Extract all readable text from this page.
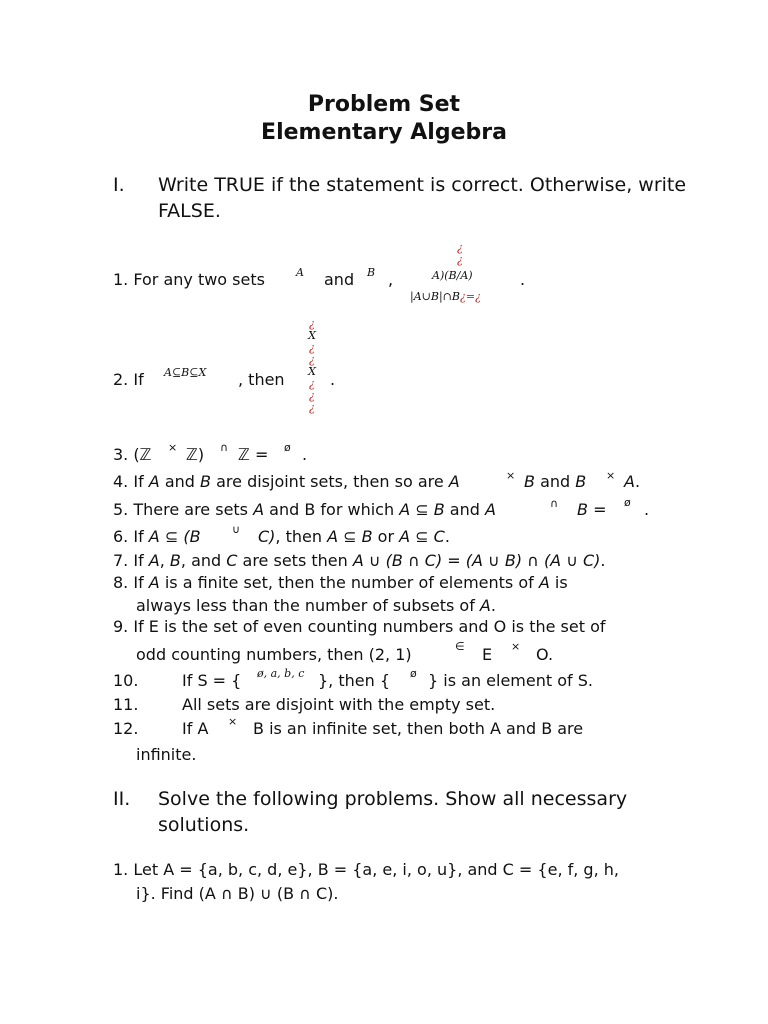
Problem Set
Elementary Algebra
I. Write TRUE if the statement is correct. Otherwise, write FALSE.
1. For any two sets	A and B ,
¿
¿
A)(B/A)
|A∪B|∩B¿=¿
.
2. If A⊆B⊆X , then
¿
X
¿
¿
X
¿
¿
¿
.
3. (ℤ × ℤ) ∩ ℤ = ø .
4. If A and B are disjoint sets, then so are A	× B and B × A.
5. There are sets A and B for which A ⊆ B and A	∩ B = ø .
6. If A ⊆ (B	∪ C), then A ⊆ B or A ⊆ C.
7. If A, B, and C are sets then A ∪ (B ∩ C) = (A ∪ B) ∩ (A ∪ C).
8. If A is a finite set, then the number of elements of A is
always less than the number of subsets of A.
9. If E is the set of even counting numbers and O is the set of
odd counting numbers, then (2, 1)	∈ E × O.
10.	If S = { ø, a, b, c }, then { ø } is an element of S.
11.	All sets are disjoint with the empty set.
12.	If A × B is an infinite set, then both A and B are
infinite.
II. Solve the following problems. Show all necessary solutions.
1. Let A = {a, b, c, d, e}, B = {a, e, i, o, u}, and C = {e, f, g, h,
i}. Find (A ∩ B) ∪ (B ∩ C).
